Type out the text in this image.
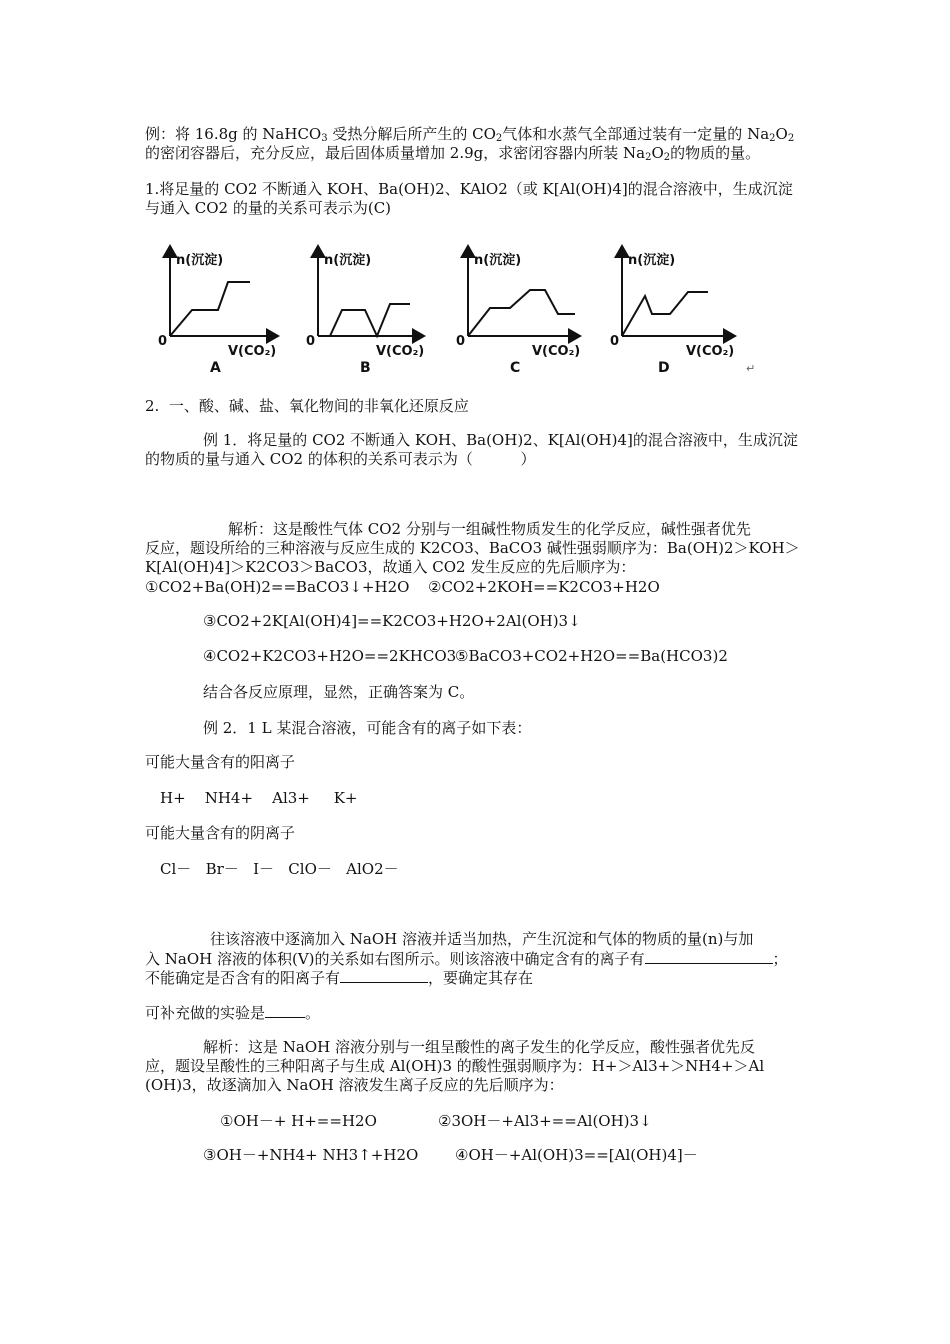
例：将 16.8g 的 NaHCO$_3$ 受热分解后所产生的 $CO_2$气体和水蒸气全部通过装有一定量的 $Na_2O_2$
的密闭容器后，充分反应，最后固体质量增加 2.9g，求密闭容器内所装 $Na_2O_2$的物质的量。
1.将足量的 CO2 不断通入 KOH、Ba(OH)2、KAlO2（或 K[Al(OH)4]的混合溶液中，生成沉淀
与通入 CO2 的量的关系可表示为(C)
n(沉淀)	n(沉淀)	n(沉淀)	n(沉淀)
0	0	0	0
V(CO₂)	V(CO₂)	V(CO₂)	V(CO₂)
A	B	C	D	↵
2.  一、酸、碱、盐、氧化物间的非氧化还原反应
例 1．将足量的 CO2 不断通入 KOH、Ba(OH)2、K[Al(OH)4]的混合溶液中，生成沉淀
的物质的量与通入 CO2 的体积的关系可表示为（          ）
解析：这是酸性气体 CO2 分别与一组碱性物质发生的化学反应，碱性强者优先
反应，题设所给的三种溶液与反应生成的 K2CO3、BaCO3 碱性强弱顺序为：Ba(OH)2＞KOH＞
K[Al(OH)4]＞K2CO3＞BaCO3，故通入 CO2 发生反应的先后顺序为：
①CO2+Ba(OH)2==BaCO3↓+H2O ②CO2+2KOH==K2CO3+H2O
③CO2+2K[Al(OH)4]==K2CO3+H2O+2Al(OH)3↓
④CO2+K2CO3+H2O==2KHCO3
⑤BaCO3+CO2+H2O==Ba(HCO3)2
结合各反应原理，显然，正确答案为 C。
例 2．1 L 某混合溶液，可能含有的离子如下表：
可能大量含有的阳离子
H+    NH4+    Al3+     K+
可能大量含有的阴离子
Cl－   Br－   I－   ClO－   AlO2－
往该溶液中逐滴加入 NaOH 溶液并适当加热，产生沉淀和气体的物质的量(n)与加
入 NaOH 溶液的体积(V)的关系如右图所示。则该溶液中确定含有的离子有	；
不能确定是否含有的阳离子有	，要确定其存在
可补充做的实验是	。
解析：这是 NaOH 溶液分别与一组呈酸性的离子发生的化学反应，酸性强者优先反
应，题设呈酸性的三种阳离子与生成 Al(OH)3 的酸性强弱顺序为：H+＞Al3+＞NH4+＞Al
(OH)3，故逐滴加入 NaOH 溶液发生离子反应的先后顺序为：
①OH－+ H+==H2O	②3OH－+Al3+==Al(OH)3↓
③OH－+NH4+ NH3↑+H2O ④OH－+Al(OH)3==[Al(OH)4]－
